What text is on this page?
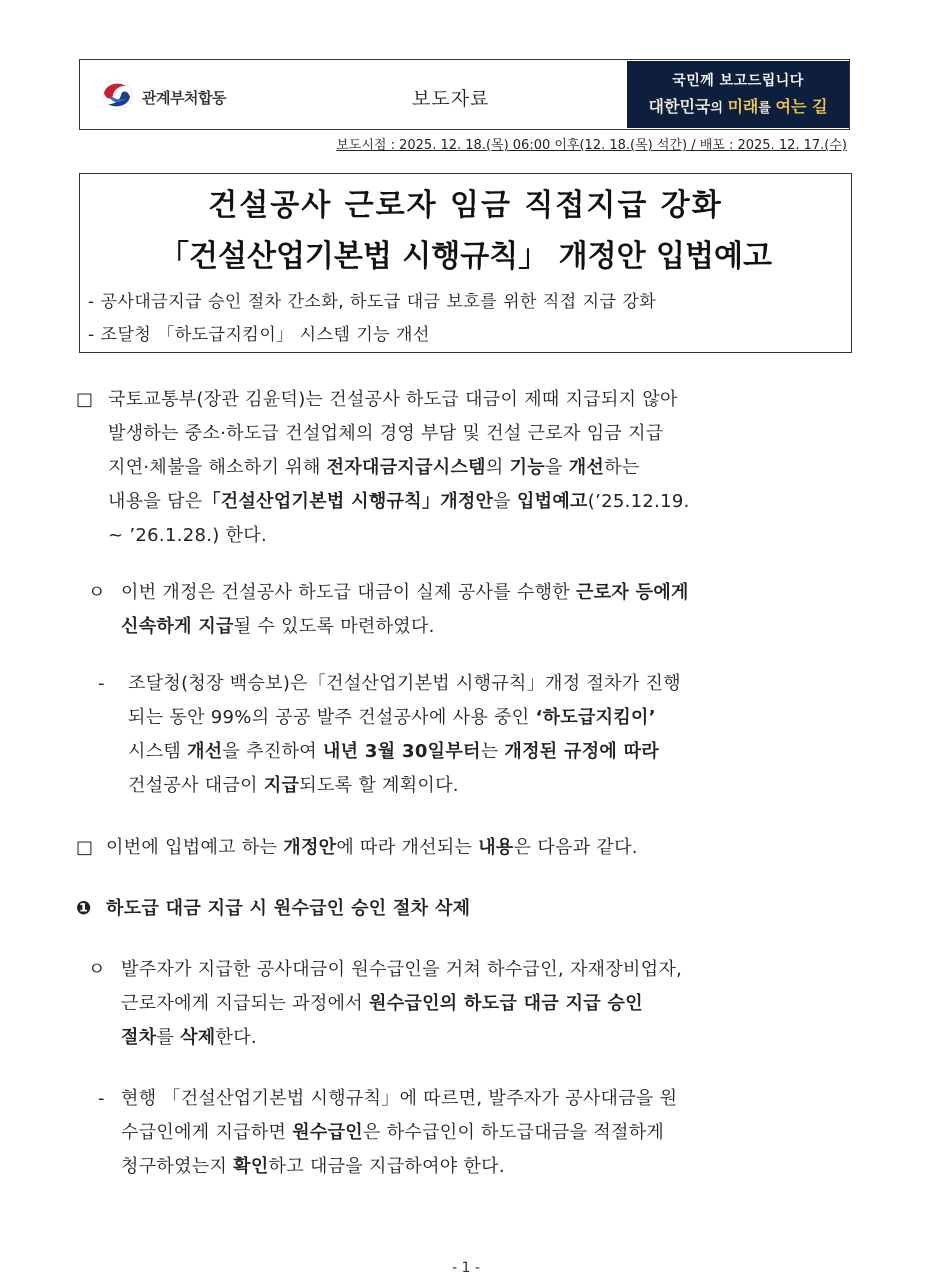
관계부처합동	보도자료
국민께 보고드립니다
대한민국의 미래를 여는 길
보도시점 : 2025. 12. 18.(목) 06:00 이후(12. 18.(목) 석간) / 배포 : 2025. 12. 17.(수)
건설공사 근로자 임금 직접지급 강화
「건설산업기본법 시행규칙」 개정안 입법예고
- 공사대금지급 승인 절차 간소화, 하도급 대금 보호를 위한 직접 지급 강화
- 조달청 「하도급지킴이」 시스템 기능 개선
□ 국토교통부(장관 김윤덕)는 건설공사 하도급 대금이 제때 지급되지 않아
발생하는 중소·하도급 건설업체의 경영 부담 및 건설 근로자 임금 지급
지연·체불을 해소하기 위해 전자대금지급시스템의 기능을 개선하는
내용을 담은「건설산업기본법 시행규칙」개정안을 입법예고(’25.12.19.
~ ’26.1.28.) 한다.
ㅇ 이번 개정은 건설공사 하도급 대금이 실제 공사를 수행한 근로자 등에게
신속하게 지급될 수 있도록 마련하였다.
- 조달청(청장 백승보)은「건설산업기본법 시행규칙」개정 절차가 진행
되는 동안 99%의 공공 발주 건설공사에 사용 중인 ‘하도급지킴이’
시스템 개선을 추진하여 내년 3월 30일부터는 개정된 규정에 따라
건설공사 대금이 지급되도록 할 계획이다.
□ 이번에 입법예고 하는 개정안에 따라 개선되는 내용은 다음과 같다.
❶ 하도급 대금 지급 시 원수급인 승인 절차 삭제
ㅇ 발주자가 지급한 공사대금이 원수급인을 거쳐 하수급인, 자재장비업자,
근로자에게 지급되는 과정에서 원수급인의 하도급 대금 지급 승인
절차를 삭제한다.
- 현행 「건설산업기본법 시행규칙」에 따르면, 발주자가 공사대금을 원
수급인에게 지급하면 원수급인은 하수급인이 하도급대금을 적절하게
청구하였는지 확인하고 대금을 지급하여야 한다.
- 1 -
